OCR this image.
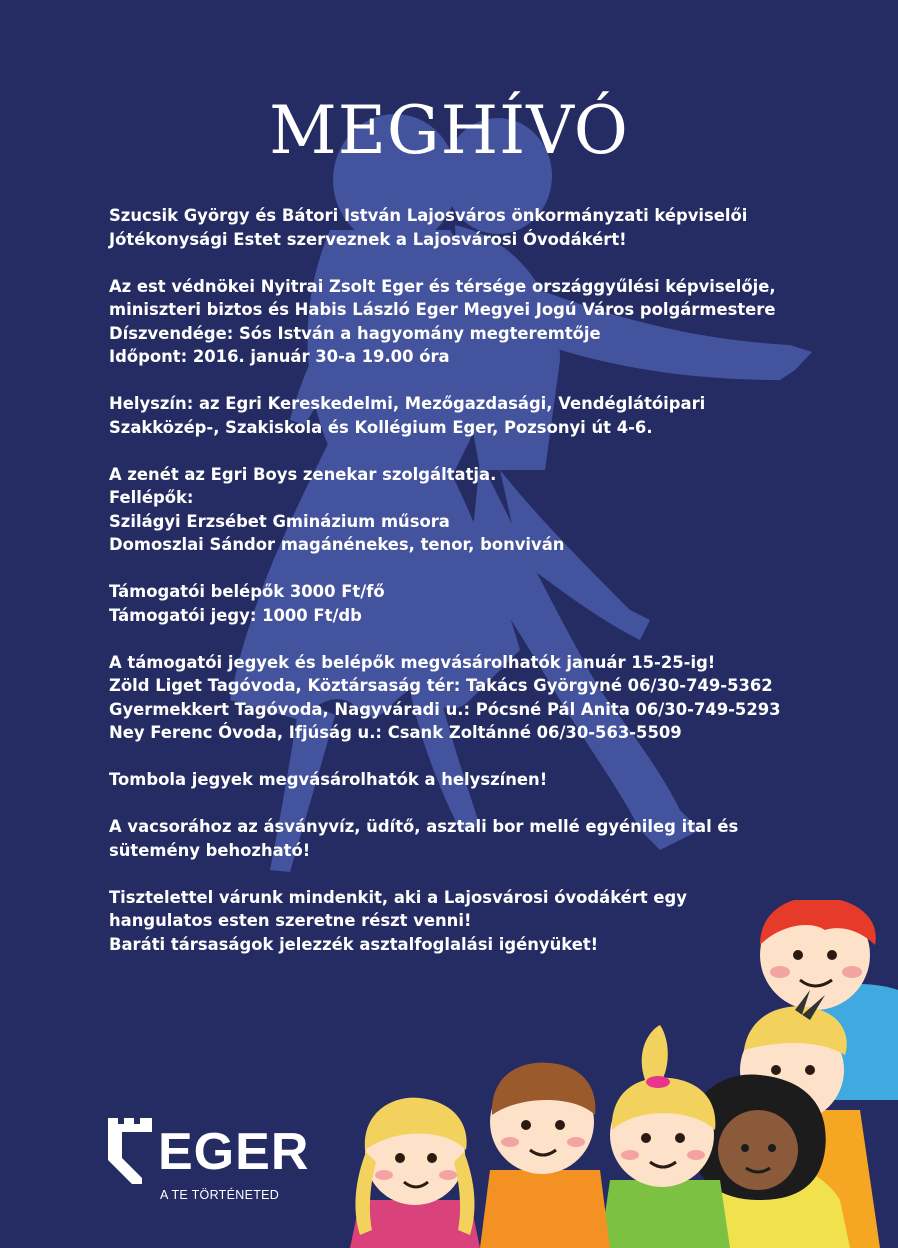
MEGHÍVÓ

Szucsik György és Bátori István Lajosváros önkormányzati képviselői
Jótékonysági Estet szerveznek a Lajosvárosi Óvodákért!

Az est védnökei Nyitrai Zsolt Eger és térsége országgyűlési képviselője,
miniszteri biztos és Habis László Eger Megyei Jogú Város polgármestere
Díszvendége: Sós István a hagyomány megteremtője
Időpont: 2016. január 30-a 19.00 óra

Helyszín: az Egri Kereskedelmi, Mezőgazdasági, Vendéglátóipari
Szakközép-, Szakiskola és Kollégium Eger, Pozsonyi út 4-6.

A zenét az Egri Boys zenekar szolgáltatja.
Fellépők:
Szilágyi Erzsébet Gminázium műsora
Domoszlai Sándor magánénekes, tenor, bonviván

Támogatói belépők 3000 Ft/fő
Támogatói jegy: 1000 Ft/db

A támogatói jegyek és belépők megvásárolhatók január 15-25-ig!
Zöld Liget Tagóvoda, Köztársaság tér: Takács Györgyné 06/30-749-5362
Gyermekkert Tagóvoda, Nagyváradi u.: Pócsné Pál Anita 06/30-749-5293
Ney Ferenc Óvoda, Ifjúság u.: Csank Zoltánné 06/30-563-5509

Tombola jegyek megvásárolhatók a helyszínen!

A vacsorához az ásványvíz, üdítő, asztali bor mellé egyénileg ital és
sütemény behozható!

Tisztelettel várunk mindenkit, aki a Lajosvárosi óvodákért egy
hangulatos esten szeretne részt venni!
Baráti társaságok jelezzék asztalfoglalási igényüket!

EGER
A TE TÖRTÉNETED
